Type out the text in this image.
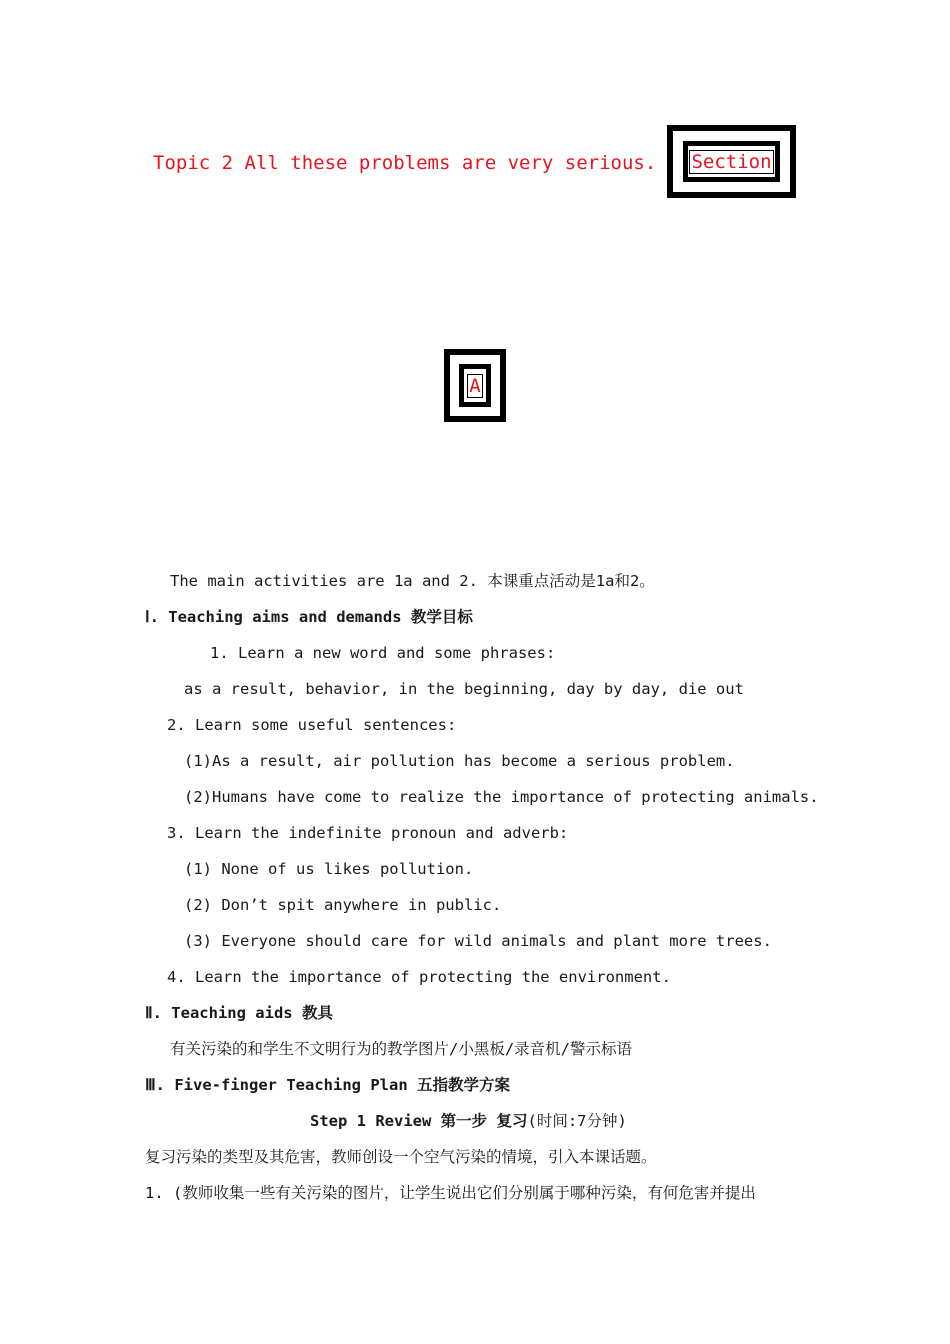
Topic 2 All these problems are very serious. Section
A
The main activities are 1a and 2. 本课重点活动是1a和2。
Ⅰ. Teaching aims and demands 教学目标
1. Learn a new word and some phrases:
as a result, behavior, in the beginning, day by day, die out
2. Learn some useful sentences:
(1)As a result, air pollution has become a serious problem.
(2)Humans have come to realize the importance of protecting animals.
3. Learn the indefinite pronoun and adverb:
(1) None of us likes pollution.
(2) Don’t spit anywhere in public.
(3) Everyone should care for wild animals and plant more trees.
4. Learn the importance of protecting the environment.
Ⅱ. Teaching aids 教具
有关污染的和学生不文明行为的教学图片/小黑板/录音机/警示标语
Ⅲ. Five-finger Teaching Plan 五指教学方案
Step 1 Review 第一步 复习(时间:7分钟)
复习污染的类型及其危害，教师创设一个空气污染的情境，引入本课话题。
1. (教师收集一些有关污染的图片，让学生说出它们分别属于哪种污染，有何危害并提出
